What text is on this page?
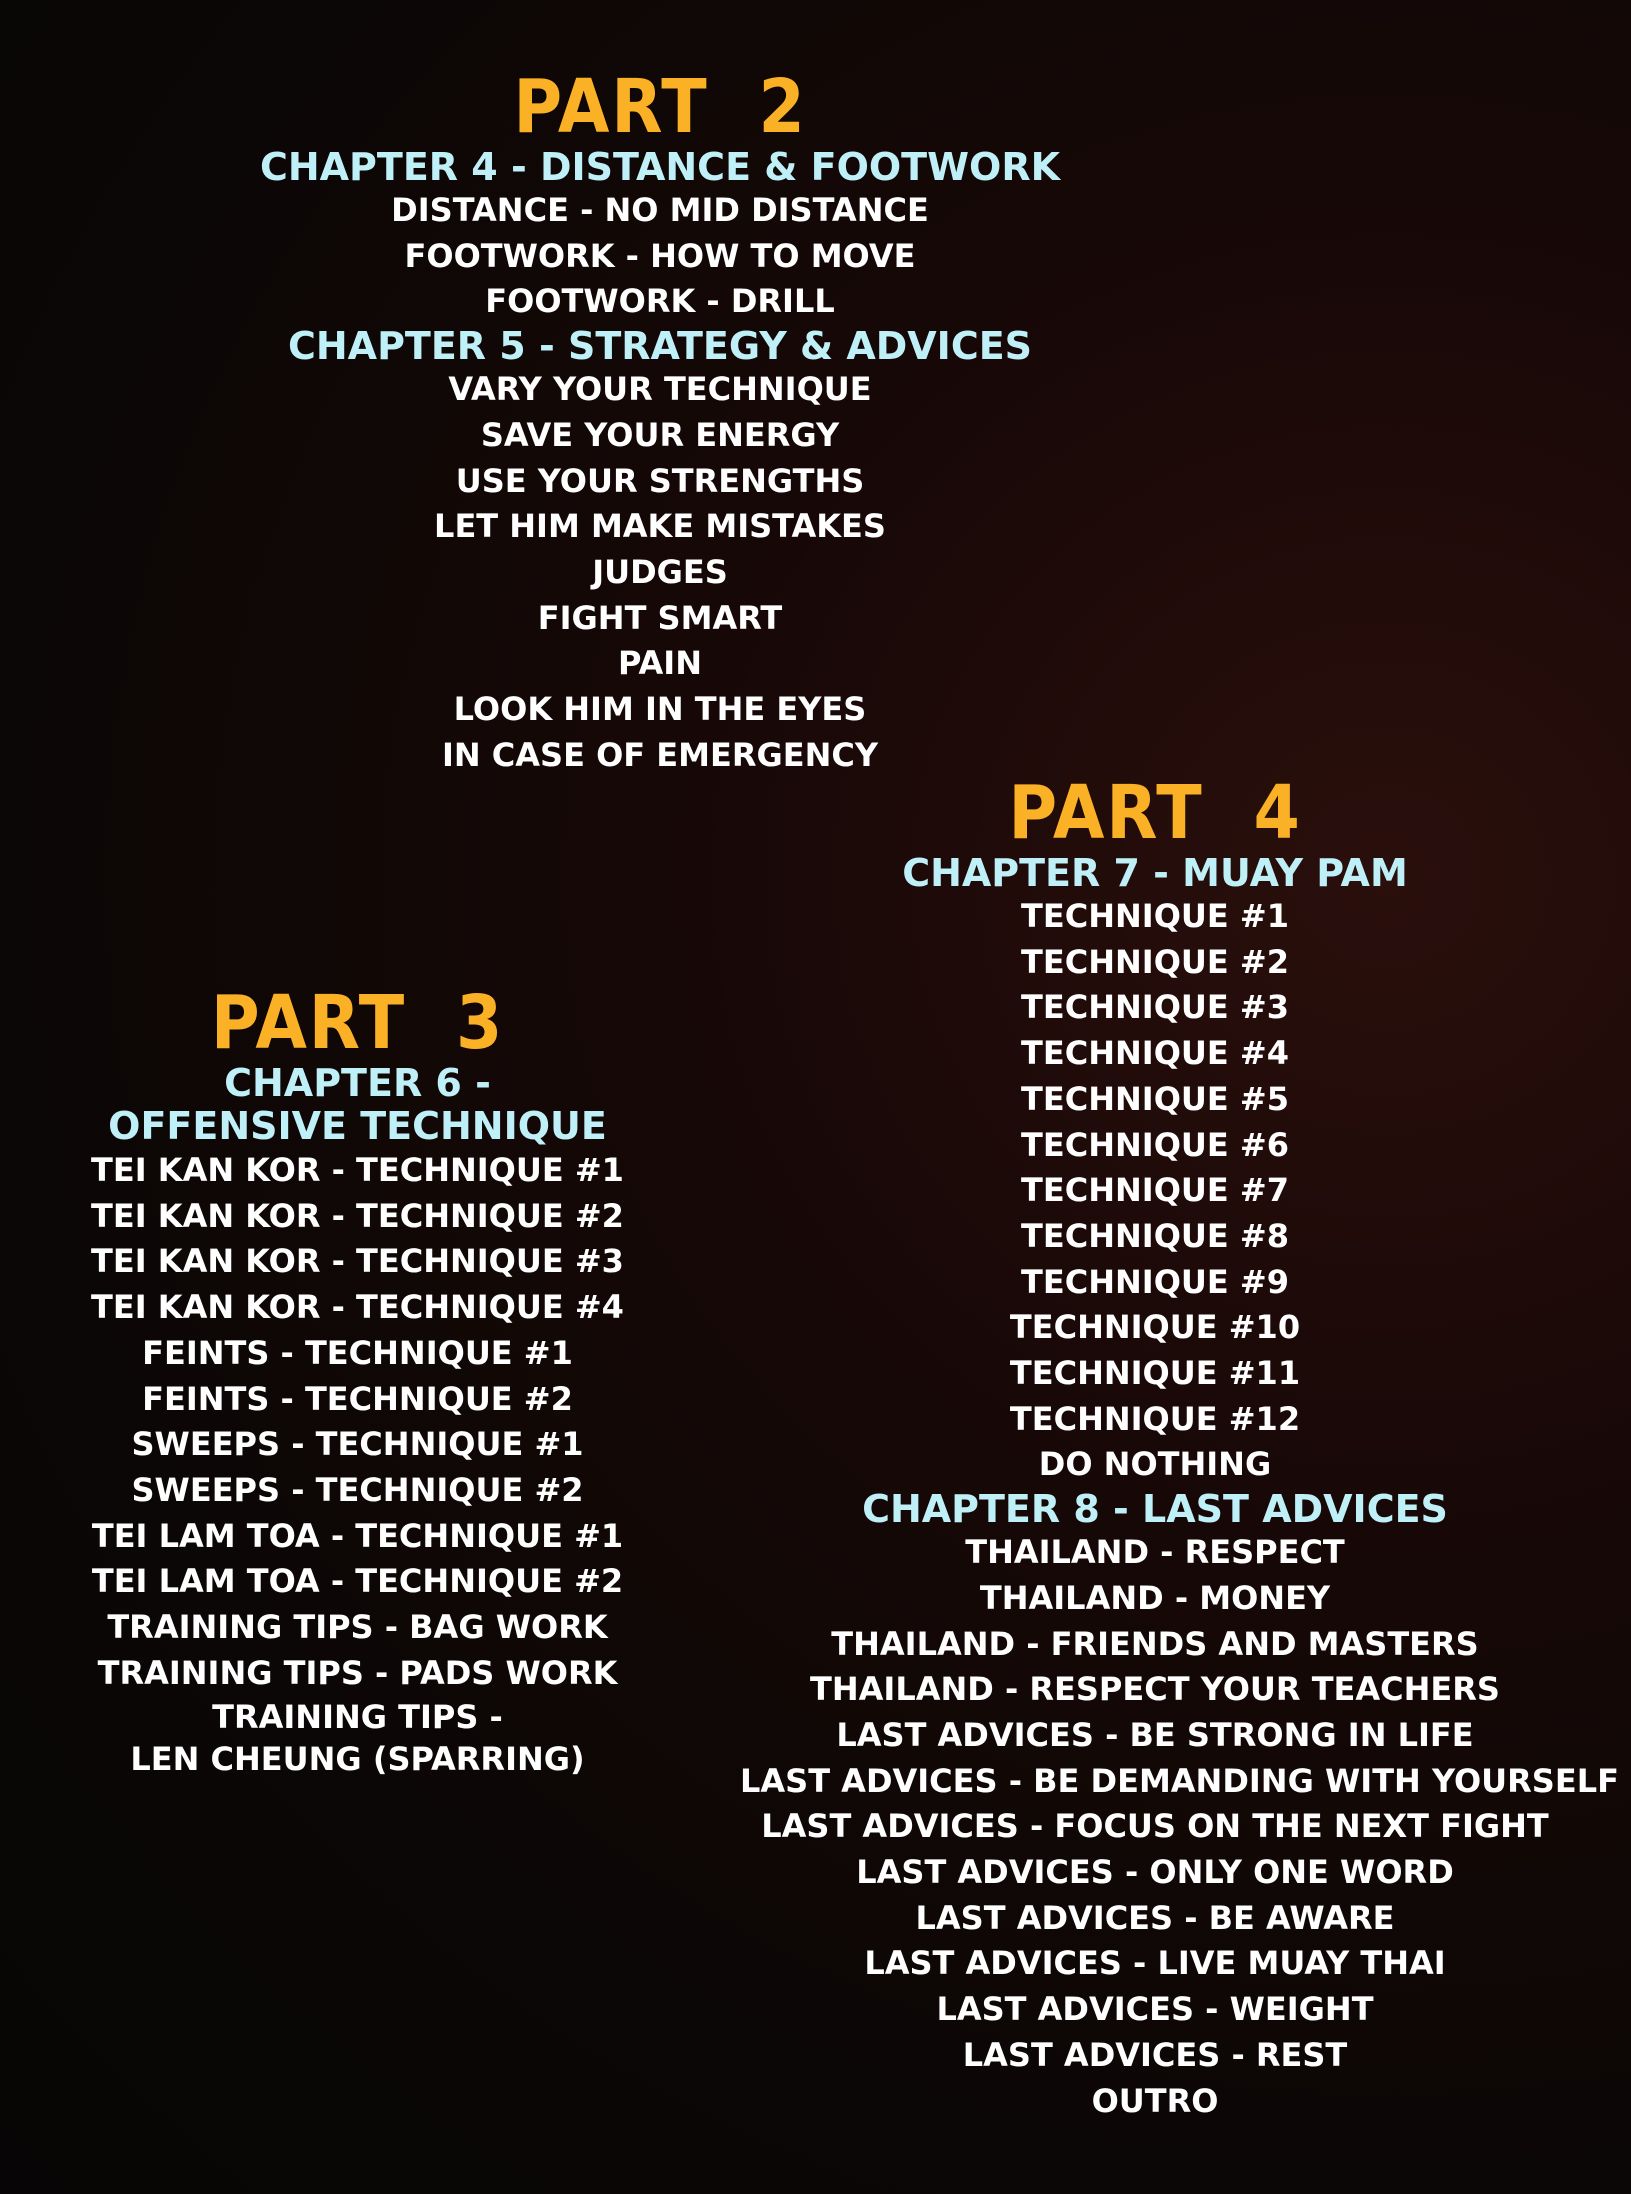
PART  2
CHAPTER 4 - DISTANCE & FOOTWORK
DISTANCE - NO MID DISTANCE
FOOTWORK - HOW TO MOVE
FOOTWORK - DRILL
CHAPTER 5 - STRATEGY & ADVICES
VARY YOUR TECHNIQUE
SAVE YOUR ENERGY
USE YOUR STRENGTHS
LET HIM MAKE MISTAKES
JUDGES
FIGHT SMART
PAIN
LOOK HIM IN THE EYES
IN CASE OF EMERGENCY
PART  3
CHAPTER 6 -
OFFENSIVE TECHNIQUE
TEI KAN KOR - TECHNIQUE #1
TEI KAN KOR - TECHNIQUE #2
TEI KAN KOR - TECHNIQUE #3
TEI KAN KOR - TECHNIQUE #4
FEINTS - TECHNIQUE #1
FEINTS - TECHNIQUE #2
SWEEPS - TECHNIQUE #1
SWEEPS - TECHNIQUE #2
TEI LAM TOA - TECHNIQUE #1
TEI LAM TOA - TECHNIQUE #2
TRAINING TIPS - BAG WORK
TRAINING TIPS - PADS WORK
TRAINING TIPS -
LEN CHEUNG (SPARRING)
PART  4
CHAPTER 7 - MUAY PAM
TECHNIQUE #1
TECHNIQUE #2
TECHNIQUE #3
TECHNIQUE #4
TECHNIQUE #5
TECHNIQUE #6
TECHNIQUE #7
TECHNIQUE #8
TECHNIQUE #9
TECHNIQUE #10
TECHNIQUE #11
TECHNIQUE #12
DO NOTHING
CHAPTER 8 - LAST ADVICES
THAILAND - RESPECT
THAILAND - MONEY
THAILAND - FRIENDS AND MASTERS
THAILAND - RESPECT YOUR TEACHERS
LAST ADVICES - BE STRONG IN LIFE
LAST ADVICES - BE DEMANDING WITH YOURSELF
LAST ADVICES - FOCUS ON THE NEXT FIGHT
LAST ADVICES - ONLY ONE WORD
LAST ADVICES - BE AWARE
LAST ADVICES - LIVE MUAY THAI
LAST ADVICES - WEIGHT
LAST ADVICES - REST
OUTRO
